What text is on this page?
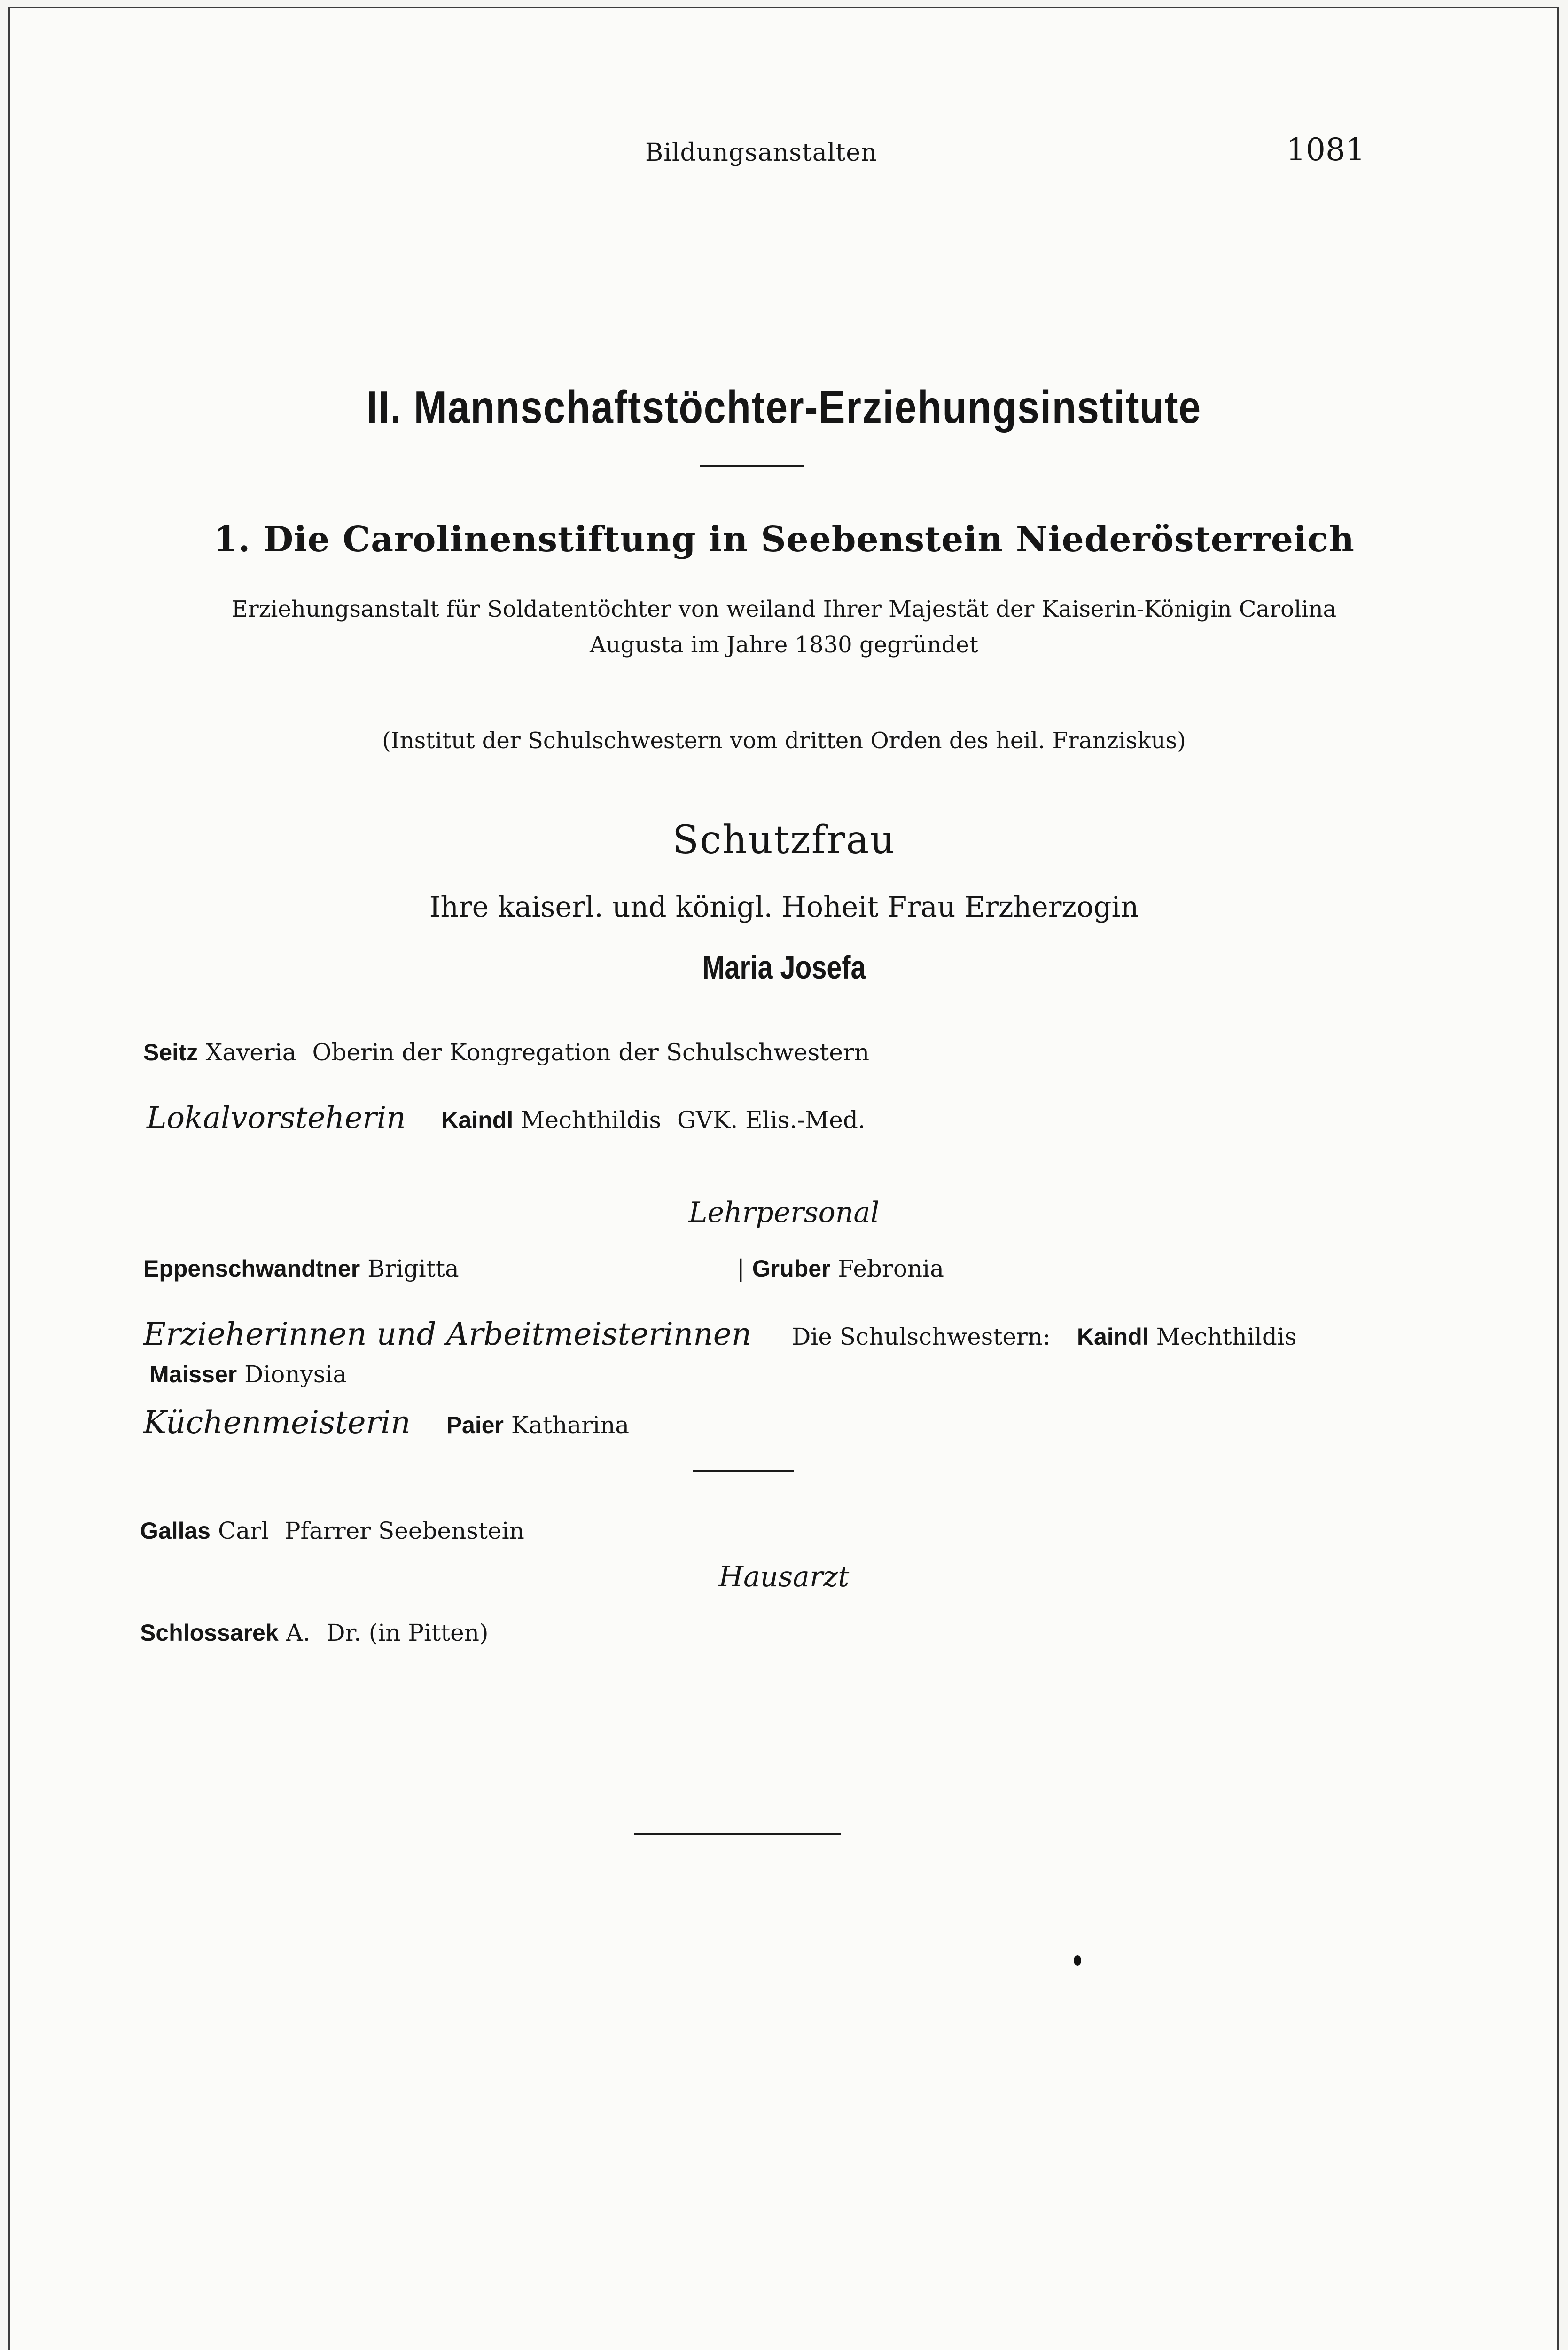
Bildungsanstalten	1081
II. Mannschaftstöchter-Erziehungsinstitute
1. Die Carolinenstiftung in Seebenstein Niederösterreich
Erziehungsanstalt für Soldatentöchter von weiland Ihrer Majestät der Kaiserin-Königin Carolina
Augusta im Jahre 1830 gegründet
(Institut der Schulschwestern vom dritten Orden des heil. Franziskus)
Schutzfrau
Ihre kaiserl. und königl. Hoheit Frau Erzherzogin
Maria Josefa
Seitz Xaveria Oberin der Kongregation der Schulschwestern
Lokalvorsteherin Kaindl Mechthildis GVK. Elis.-Med.
Lehrpersonal
Eppenschwandtner Brigitta	| Gruber Febronia
Erzieherinnen und Arbeitmeisterinnen Die Schulschwestern: Kaindl Mechthildis
Maisser Dionysia
Küchenmeisterin Paier Katharina
Gallas Carl Pfarrer Seebenstein
Hausarzt
Schlossarek A. Dr. (in Pitten)
